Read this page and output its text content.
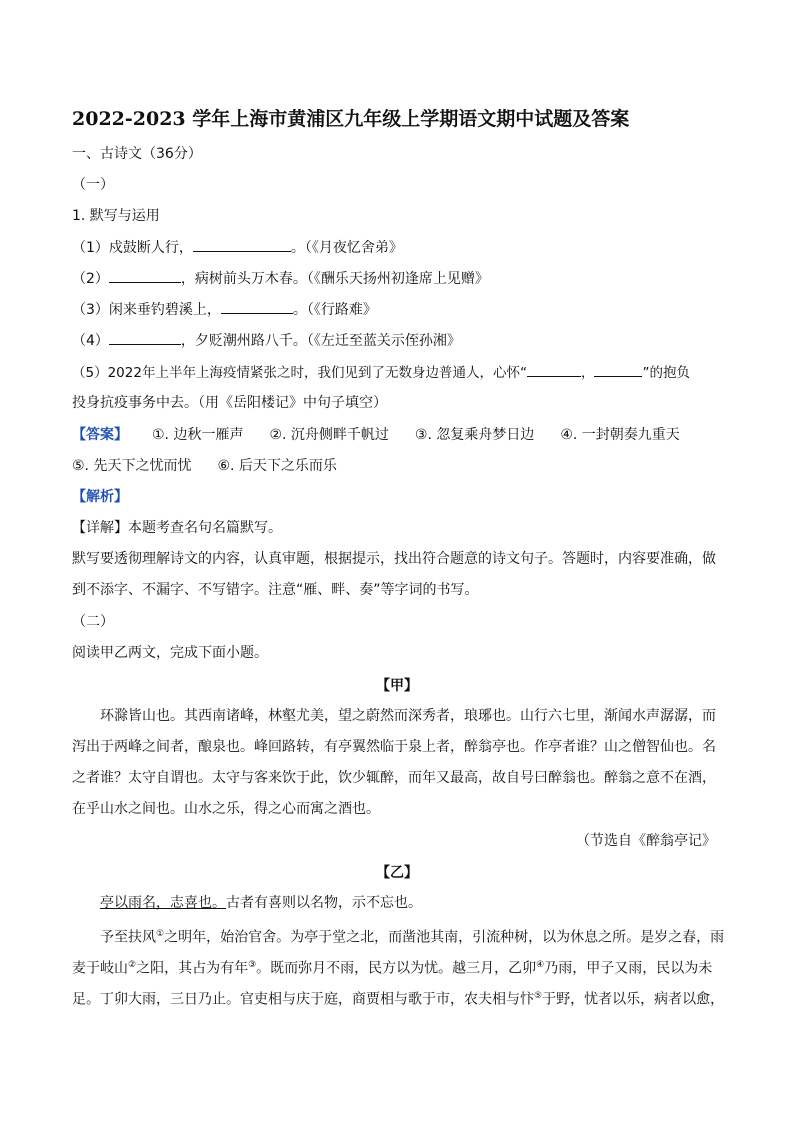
2022-2023 学年上海市黄浦区九年级上学期语文期中试题及答案
一、古诗文（36分）
（一）
1. 默写与运用
（1）戍鼓断人行，	。（《月夜忆舍弟》
（2）	，病树前头万木春。（《酬乐天扬州初逢席上见赠》
（3）闲来垂钓碧溪上，	。（《行路难》
（4）	，夕贬潮州路八千。（《左迁至蓝关示侄孙湘》
（5）2022年上半年上海疫情紧张之时，我们见到了无数身边普通人，心怀“	，	”的抱负
投身抗疫事务中去。（用《岳阳楼记》中句子填空）
【答案】 ①. 边秋一雁声 ②. 沉舟侧畔千帆过 ③. 忽复乘舟梦日边 ④. 一封朝奏九重天
⑤. 先天下之忧而忧 ⑥. 后天下之乐而乐
【解析】
【详解】本题考查名句名篇默写。
默写要透彻理解诗文的内容，认真审题，根据提示，找出符合题意的诗文句子。答题时，内容要准确，做
到不添字、不漏字、不写错字。注意“雁、畔、奏”等字词的书写。
（二）
阅读甲乙两文，完成下面小题。
【甲】
环滁皆山也。其西南诸峰，林壑尤美，望之蔚然而深秀者，琅琊也。山行六七里，渐闻水声潺潺，而
泻出于两峰之间者，酿泉也。峰回路转，有亭翼然临于泉上者，醉翁亭也。作亭者谁？山之僧智仙也。名
之者谁？太守自谓也。太守与客来饮于此，饮少辄醉，而年又最高，故自号曰醉翁也。醉翁之意不在酒，
在乎山水之间也。山水之乐，得之心而寓之酒也。
（节选自《醉翁亭记》
【乙】
亭以雨名，志喜也。古者有喜则以名物，示不忘也。
予至扶风①之明年，始治官舍。为亭于堂之北，而凿池其南，引流种树，以为休息之所。是岁之春，雨
麦于岐山②之阳，其占为有年③。既而弥月不雨，民方以为忧。越三月，乙卯④乃雨，甲子又雨，民以为未
足。丁卯大雨，三日乃止。官吏相与庆于庭，商贾相与歌于市，农夫相与忭⑤于野，忧者以乐，病者以愈，
